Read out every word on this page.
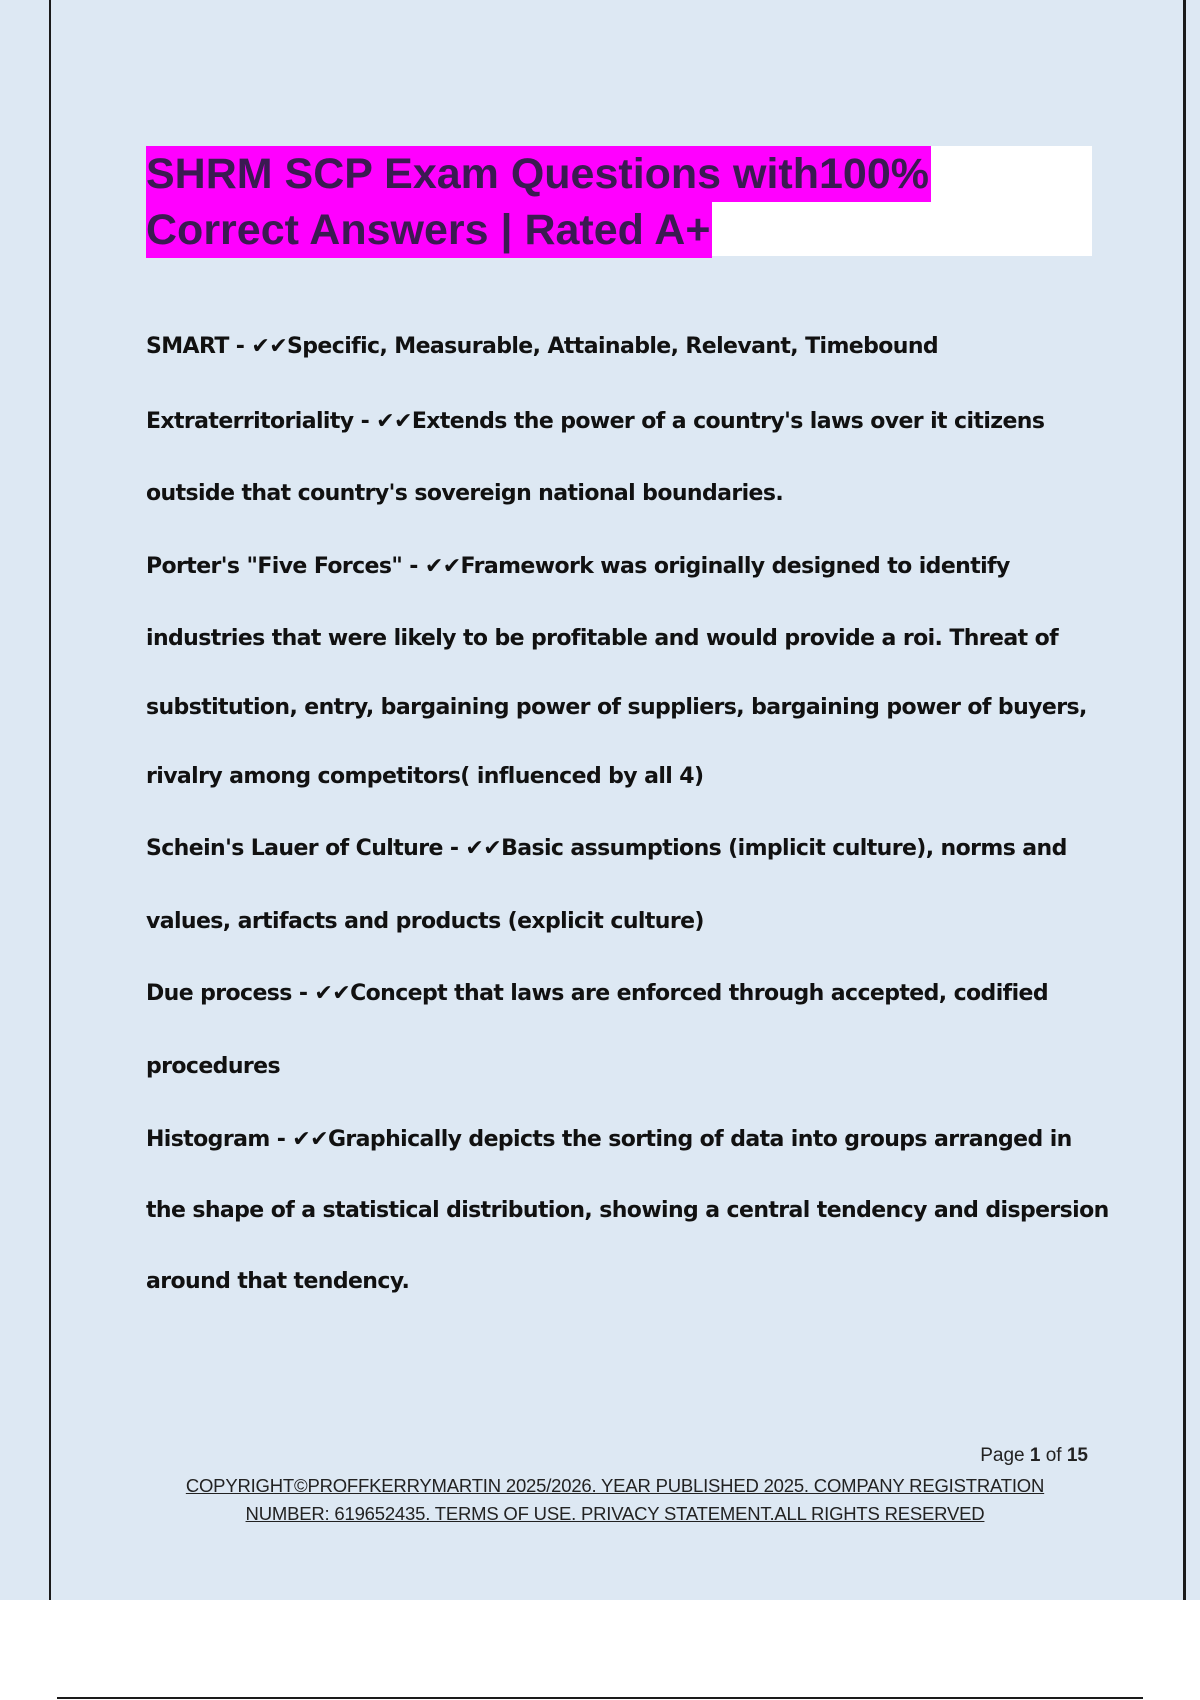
SHRM SCP Exam Questions with100%
Correct Answers | Rated A+
SMART - ✔✔Specific, Measurable, Attainable, Relevant, Timebound
Extraterritoriality - ✔✔Extends the power of a country's laws over it citizens
outside that country's sovereign national boundaries.
Porter's "Five Forces" - ✔✔Framework was originally designed to identify
industries that were likely to be profitable and would provide a roi. Threat of
substitution, entry, bargaining power of suppliers, bargaining power of buyers,
rivalry among competitors( influenced by all 4)
Schein's Lauer of Culture - ✔✔Basic assumptions (implicit culture), norms and
values, artifacts and products (explicit culture)
Due process - ✔✔Concept that laws are enforced through accepted, codified
procedures
Histogram - ✔✔Graphically depicts the sorting of data into groups arranged in
the shape of a statistical distribution, showing a central tendency and dispersion
around that tendency.
Page 1 of 15
COPYRIGHT©PROFFKERRYMARTIN 2025/2026. YEAR PUBLISHED 2025. COMPANY REGISTRATION
NUMBER: 619652435. TERMS OF USE. PRIVACY STATEMENT.ALL RIGHTS RESERVED
